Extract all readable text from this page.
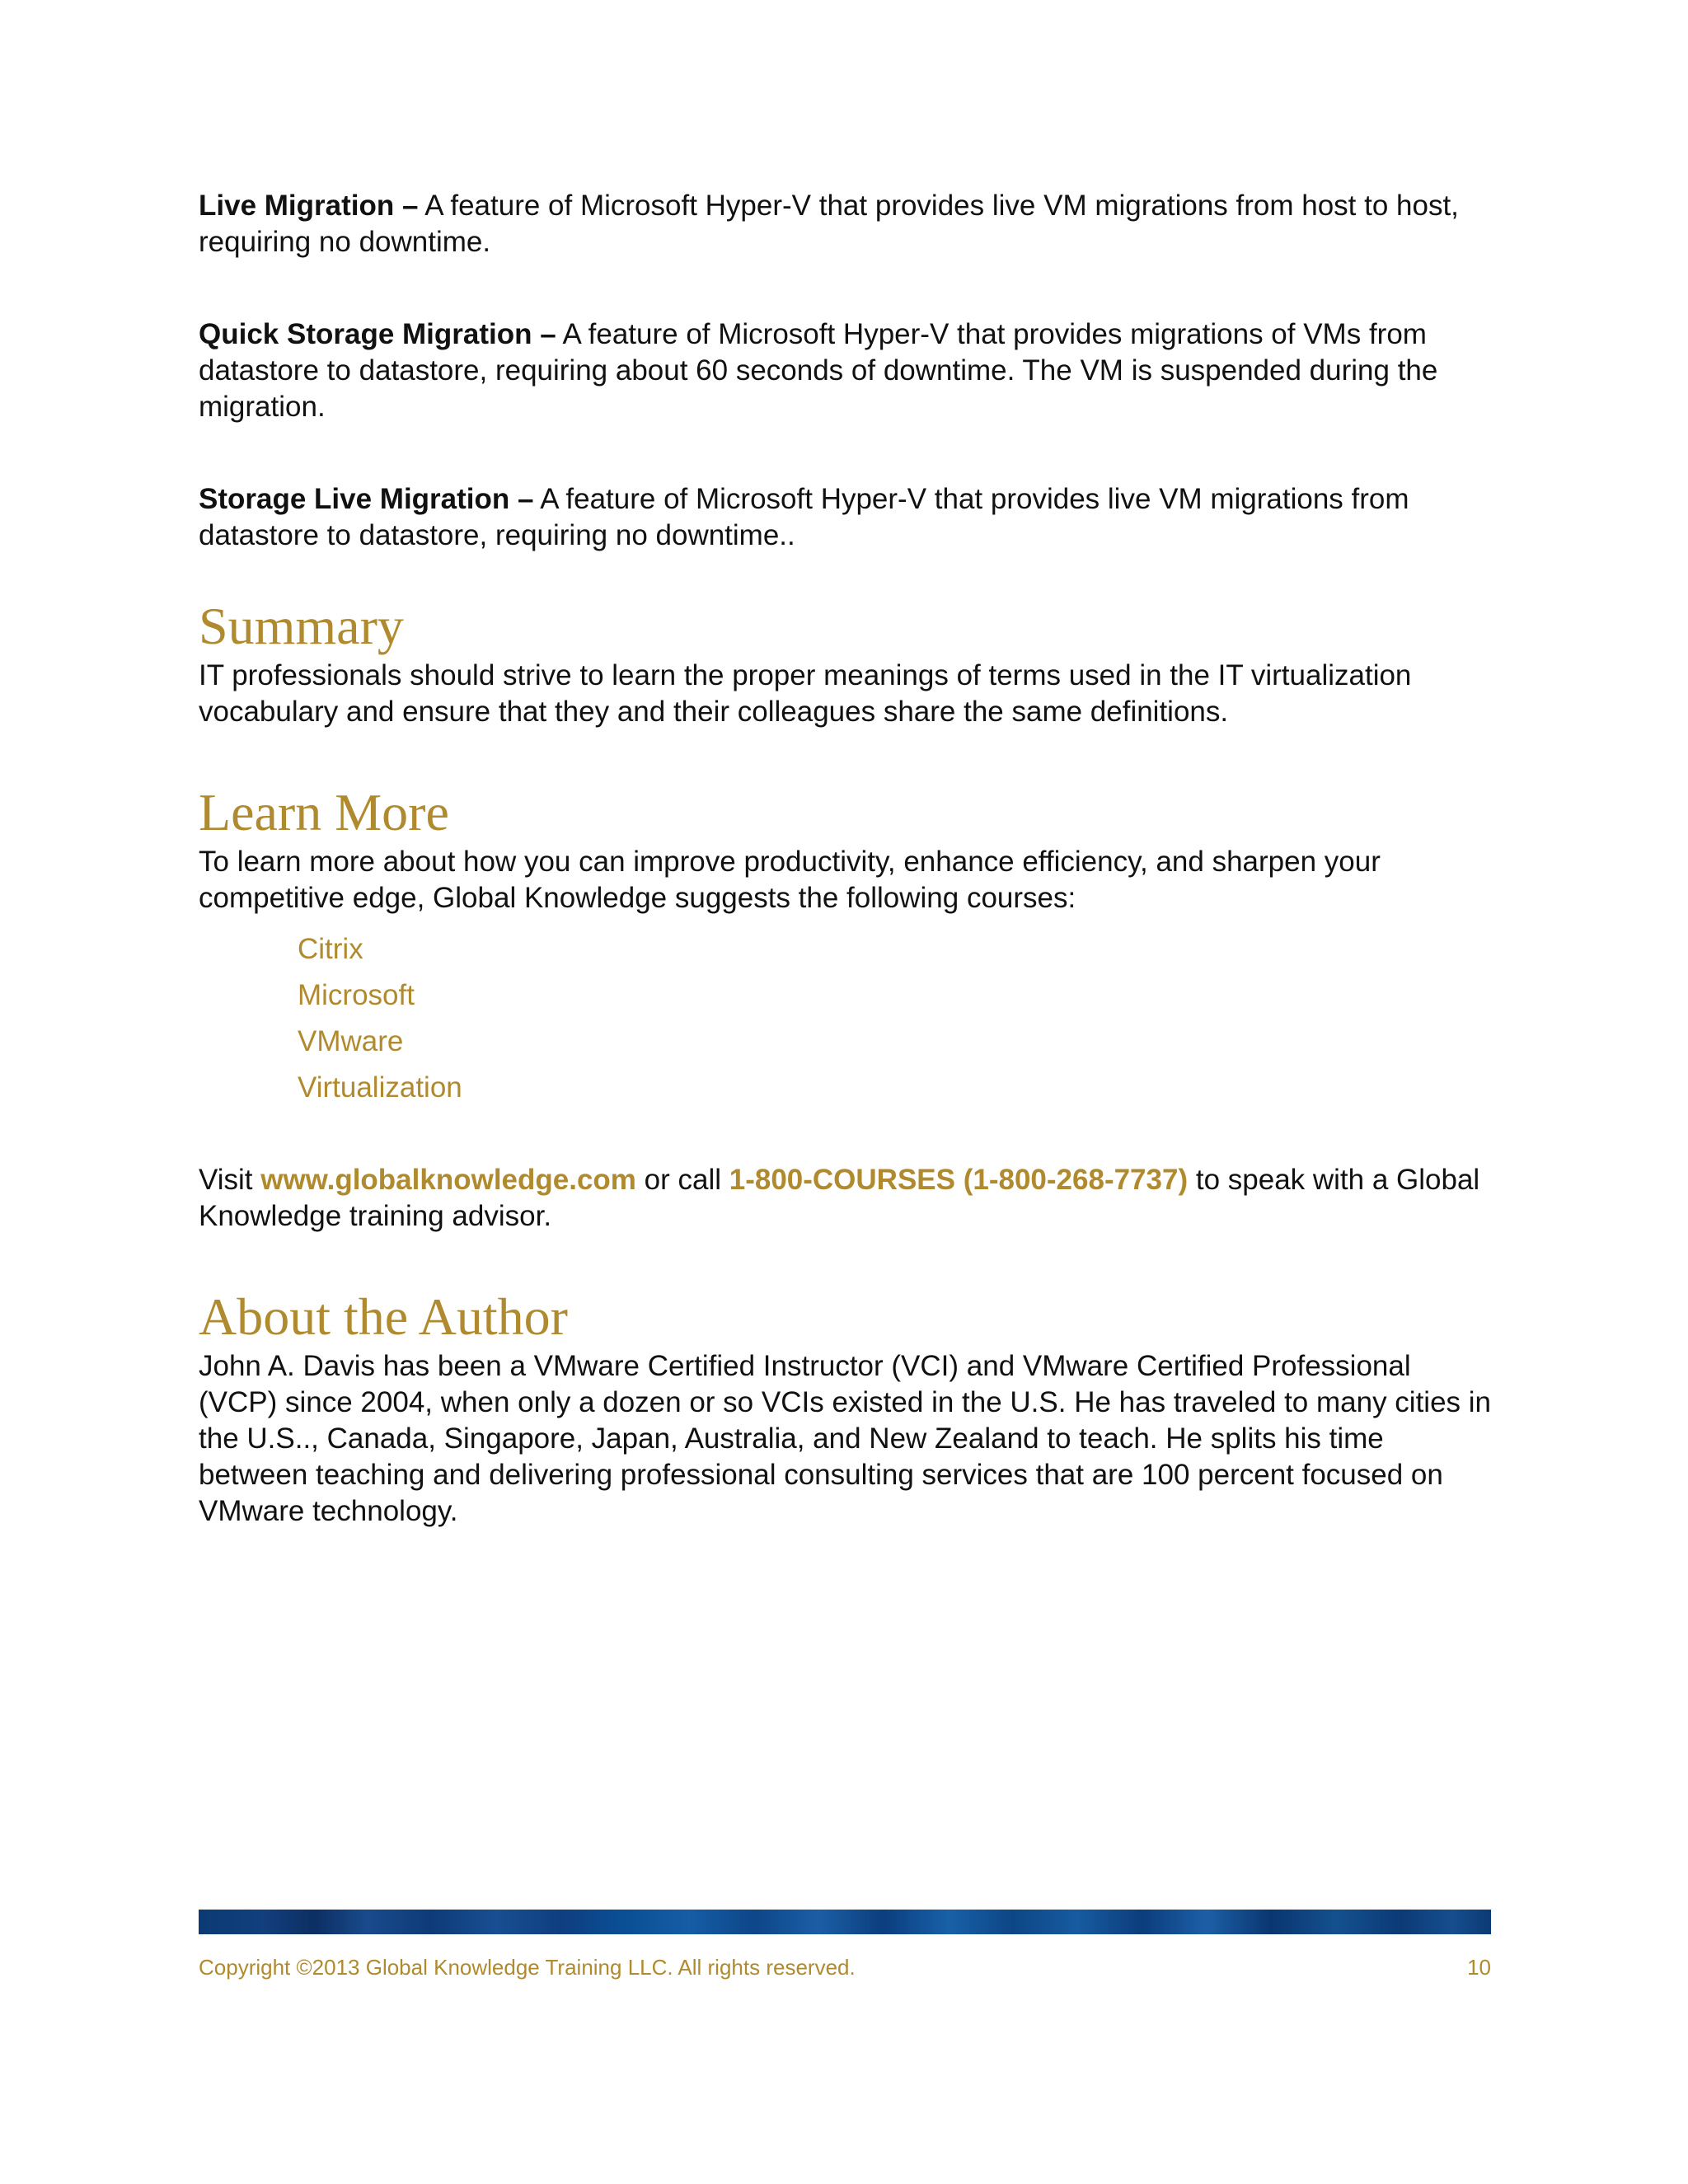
Live Migration – A feature of Microsoft Hyper-V that provides live VM migrations from host to host, requiring no downtime.

Quick Storage Migration – A feature of Microsoft Hyper-V that provides migrations of VMs from datastore to datastore, requiring about 60 seconds of downtime. The VM is suspended during the migration.

Storage Live Migration – A feature of Microsoft Hyper-V that provides live VM migrations from datastore to datastore, requiring no downtime..

Summary

IT professionals should strive to learn the proper meanings of terms used in the IT virtualization vocabulary and ensure that they and their colleagues share the same definitions.

Learn More

To learn more about how you can improve productivity, enhance efficiency, and sharpen your competitive edge, Global Knowledge suggests the following courses:

Citrix
Microsoft
VMware
Virtualization

Visit www.globalknowledge.com or call 1-800-COURSES (1-800-268-7737) to speak with a Global Knowledge training advisor.

About the Author

John A. Davis has been a VMware Certified Instructor (VCI) and VMware Certified Professional (VCP) since 2004, when only a dozen or so VCIs existed in the U.S. He has traveled to many cities in the U.S.., Canada, Singapore, Japan, Australia, and New Zealand to teach. He splits his time between teaching and delivering professional consulting services that are 100 percent focused on VMware technology.

Copyright ©2013 Global Knowledge Training LLC. All rights reserved.	10
